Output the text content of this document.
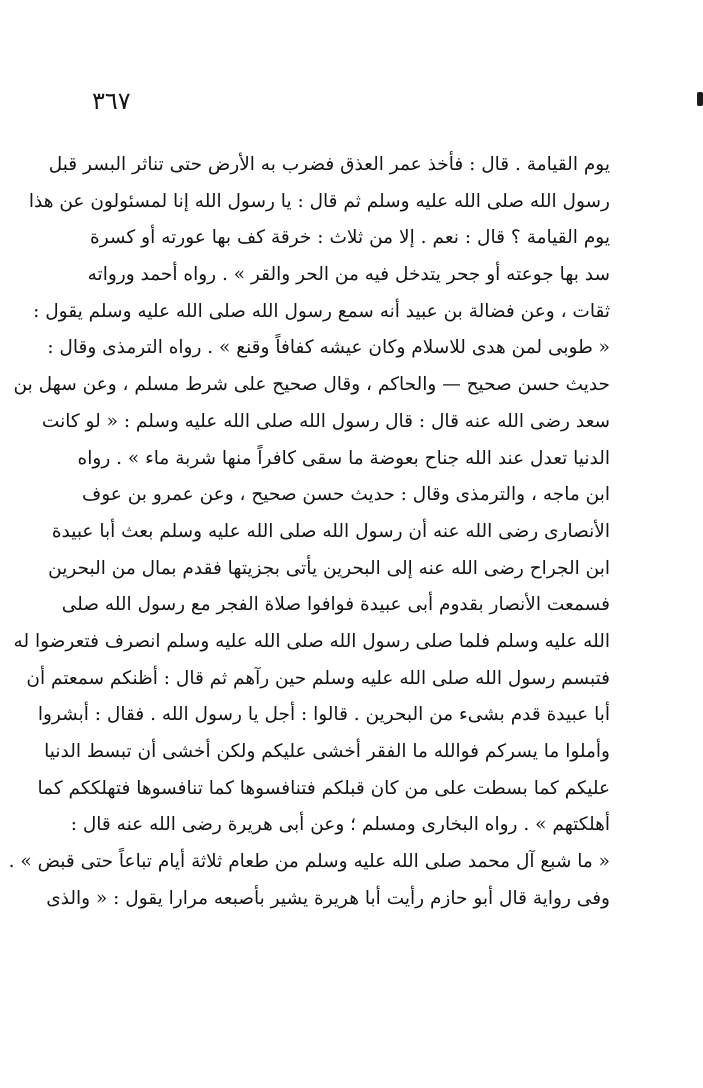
٣٦٧
يوم القيامة . قال : فأخذ عمر العذق فضرب به الأرض حتى تناثر البسر قبل
رسول الله صلى الله عليه وسلم ثم قال : يا رسول الله إنا لمسئولون عن هذا
يوم القيامة ؟ قال : نعم . إلا من ثلاث : خرقة كف بها عورته أو كسرة
سد بها جوعته أو جحر يتدخل فيه من الحر والقر » . رواه أحمد ورواته
ثقات ، وعن فضالة بن عبيد أنه سمع رسول الله صلى الله عليه وسلم يقول :
« طوبى لمن هدى للاسلام وكان عيشه كفافاً وقنع » . رواه الترمذى وقال :
حديث حسن صحيح — والحاكم ، وقال صحيح على شرط مسلم ، وعن سهل بن
سعد رضى الله عنه قال : قال رسول الله صلى الله عليه وسلم : « لو كانت
الدنيا تعدل عند الله جناح بعوضة ما سقى كافراً منها شربة ماء » . رواه
ابن ماجه ، والترمذى وقال : حديث حسن صحيح ، وعن عمرو بن عوف
الأنصارى رضى الله عنه أن رسول الله صلى الله عليه وسلم بعث أبا عبيدة
ابن الجراح رضى الله عنه إلى البحرين يأتى بجزيتها فقدم بمال من البحرين
فسمعت الأنصار بقدوم أبى عبيدة فوافوا صلاة الفجر مع رسول الله صلى
الله عليه وسلم فلما صلى رسول الله صلى الله عليه وسلم انصرف فتعرضوا له
فتبسم رسول الله صلى الله عليه وسلم حين رآهم ثم قال : أظنكم سمعتم أن
أبا عبيدة قدم بشىء من البحرين . قالوا : أجل يا رسول الله . فقال : أبشروا
وأملوا ما يسركم فوالله ما الفقر أخشى عليكم ولكن أخشى أن تبسط الدنيا
عليكم كما بسطت على من كان قبلكم فتنافسوها كما تنافسوها فتهلككم كما
أهلكتهم » . رواه البخارى ومسلم ؛ وعن أبى هريرة رضى الله عنه قال :
« ما شبع آل محمد صلى الله عليه وسلم من طعام ثلاثة أيام تباعاً حتى قبض » .
وفى رواية قال أبو حازم رأيت أبا هريرة يشير بأصبعه مرارا يقول : « والذى
